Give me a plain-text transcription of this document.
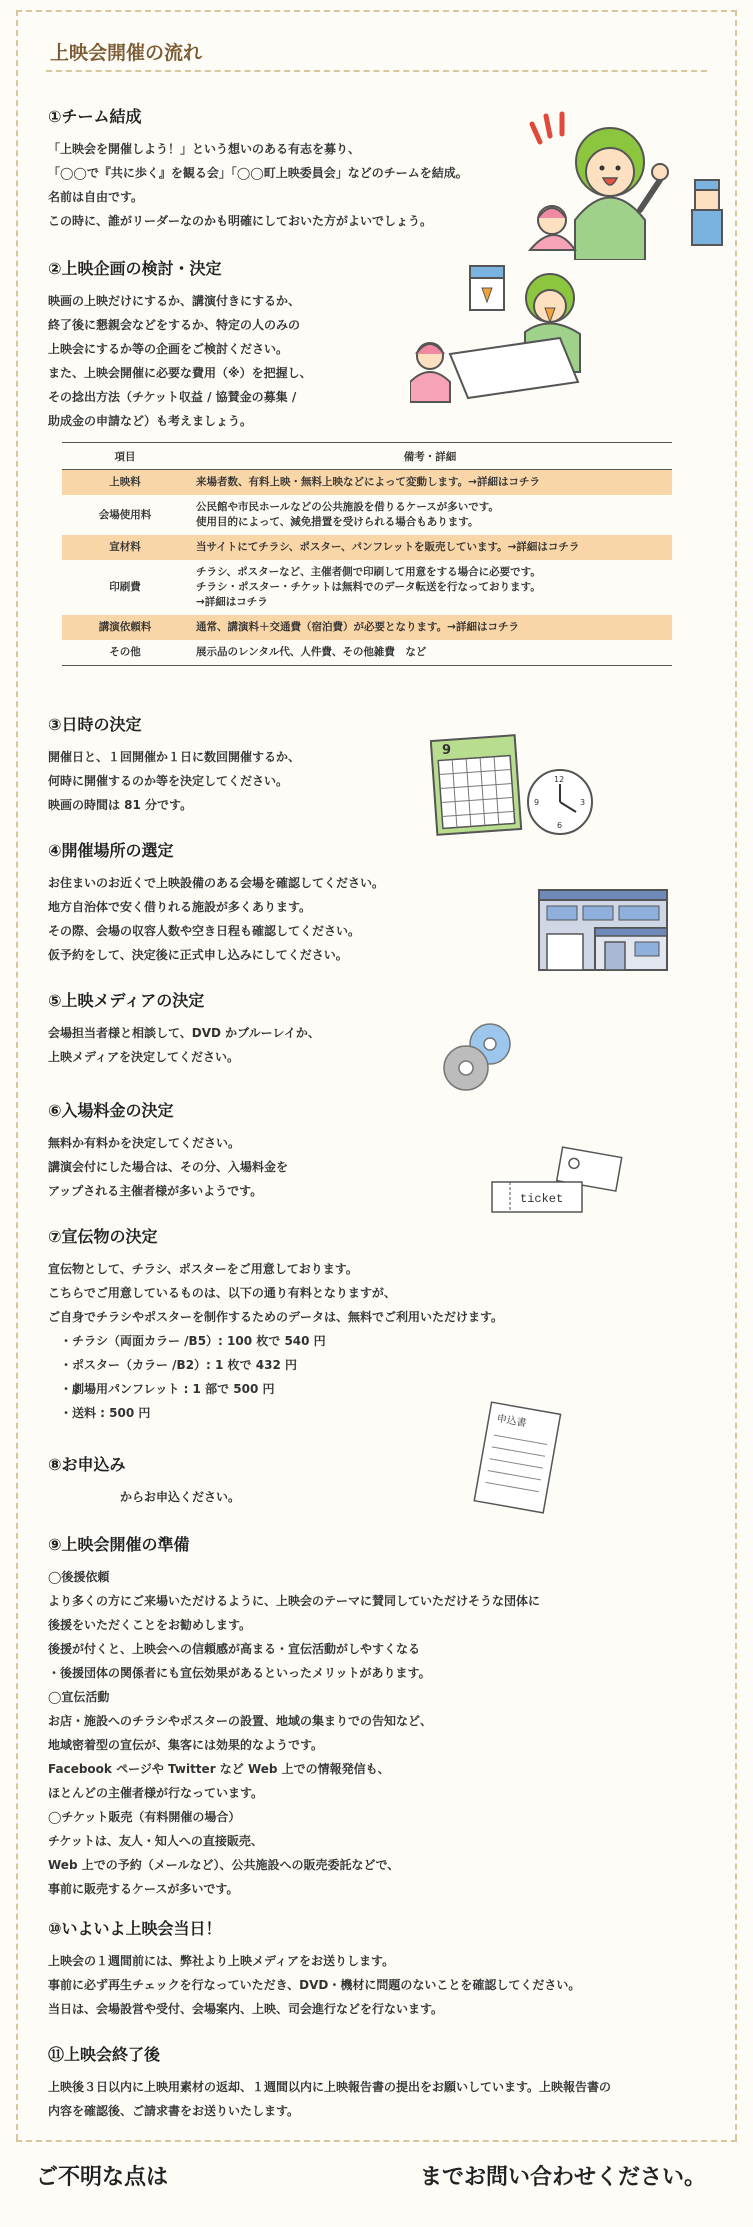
上映会開催の流れ
①チーム結成

「上映会を開催しよう！」という想いのある有志を募り、

「◯◯で『共に歩く』を観る会」「◯◯町上映委員会」などのチームを結成。

名前は自由です。

この時に、誰がリーダーなのかも明確にしておいた方がよいでしょう。

②上映企画の検討・決定

映画の上映だけにするか、講演付きにするか、

終了後に懇親会などをするか、特定の人のみの

上映会にするか等の企画をご検討ください。

また、上映会開催に必要な費用（※）を把握し、

その捻出方法（チケット収益 / 協賛金の募集 /

助成金の申請など）も考えましょう。

項目	備考・詳細
上映料	来場者数、有料上映・無料上映などによって変動します。→詳細はコチラ

会場使用料	公民館や市民ホールなどの公共施設を借りるケースが多いです。
使用目的によって、減免措置を受けられる場合もあります。

宣材料	当サイトにてチラシ、ポスター、パンフレットを販売しています。→詳細はコチラ

印刷費	チラシ、ポスターなど、主催者側で印刷して用意をする場合に必要です。
チラシ・ポスター・チケットは無料でのデータ転送を行なっております。
→詳細はコチラ

講演依頼料	通常、講演料＋交通費（宿泊費）が必要となります。→詳細はコチラ

その他	展示品のレンタル代、人件費、その他雑費　など
③日時の決定

開催日と、１回開催か１日に数回開催するか、

何時に開催するのか等を決定してください。

映画の時間は 81 分です。

9
12
3
6
9
④開催場所の選定

お住まいのお近くで上映設備のある会場を確認してください。

地方自治体で安く借りれる施設が多くあります。

その際、会場の収容人数や空き日程も確認してください。

仮予約をして、決定後に正式申し込みにしてください。

⑤上映メディアの決定

会場担当者様と相談して、DVD かブルーレイか、

上映メディアを決定してください。

⑥入場料金の決定

無料か有料かを決定してください。

講演会付にした場合は、その分、入場料金を

アップされる主催者様が多いようです。

ticket
⑦宣伝物の決定

宣伝物として、チラシ、ポスターをご用意しております。

こちらでご用意しているものは、以下の通り有料となりますが、

ご自身でチラシやポスターを制作するためのデータは、無料でご利用いただけます。

　・チラシ（両面カラー /B5）: 100 枚で 540 円

　・ポスター（カラー /B2）: 1 枚で 432 円

　・劇場用パンフレット : 1 部で 500 円

　・送料 : 500 円

申込書
⑧お申込み

　　　　　　からお申込ください。

⑨上映会開催の準備

◯後援依頼

より多くの方にご来場いただけるように、上映会のテーマに賛同していただけそうな団体に

後援をいただくことをお勧めします。

後援が付くと、上映会への信頼感が高まる・宣伝活動がしやすくなる

・後援団体の関係者にも宣伝効果があるといったメリットがあります。

◯宣伝活動

お店・施設へのチラシやポスターの設置、地域の集まりでの告知など、

地域密着型の宣伝が、集客には効果的なようです。

Facebook ページや Twitter など Web 上での情報発信も、

ほとんどの主催者様が行なっています。

◯チケット販売（有料開催の場合）

チケットは、友人・知人への直接販売、

Web 上での予約（メールなど）、公共施設への販売委託などで、

事前に販売するケースが多いです。

⑩いよいよ上映会当日！

上映会の１週間前には、弊社より上映メディアをお送りします。

事前に必ず再生チェックを行なっていただき、DVD・機材に問題のないことを確認してください。

当日は、会場設営や受付、会場案内、上映、司会進行などを行ないます。

⑪上映会終了後

上映後３日以内に上映用素材の返却、１週間以内に上映報告書の提出をお願いしています。上映報告書の

内容を確認後、ご請求書をお送りいたします。

ご不明な点は	までお問い合わせください。
